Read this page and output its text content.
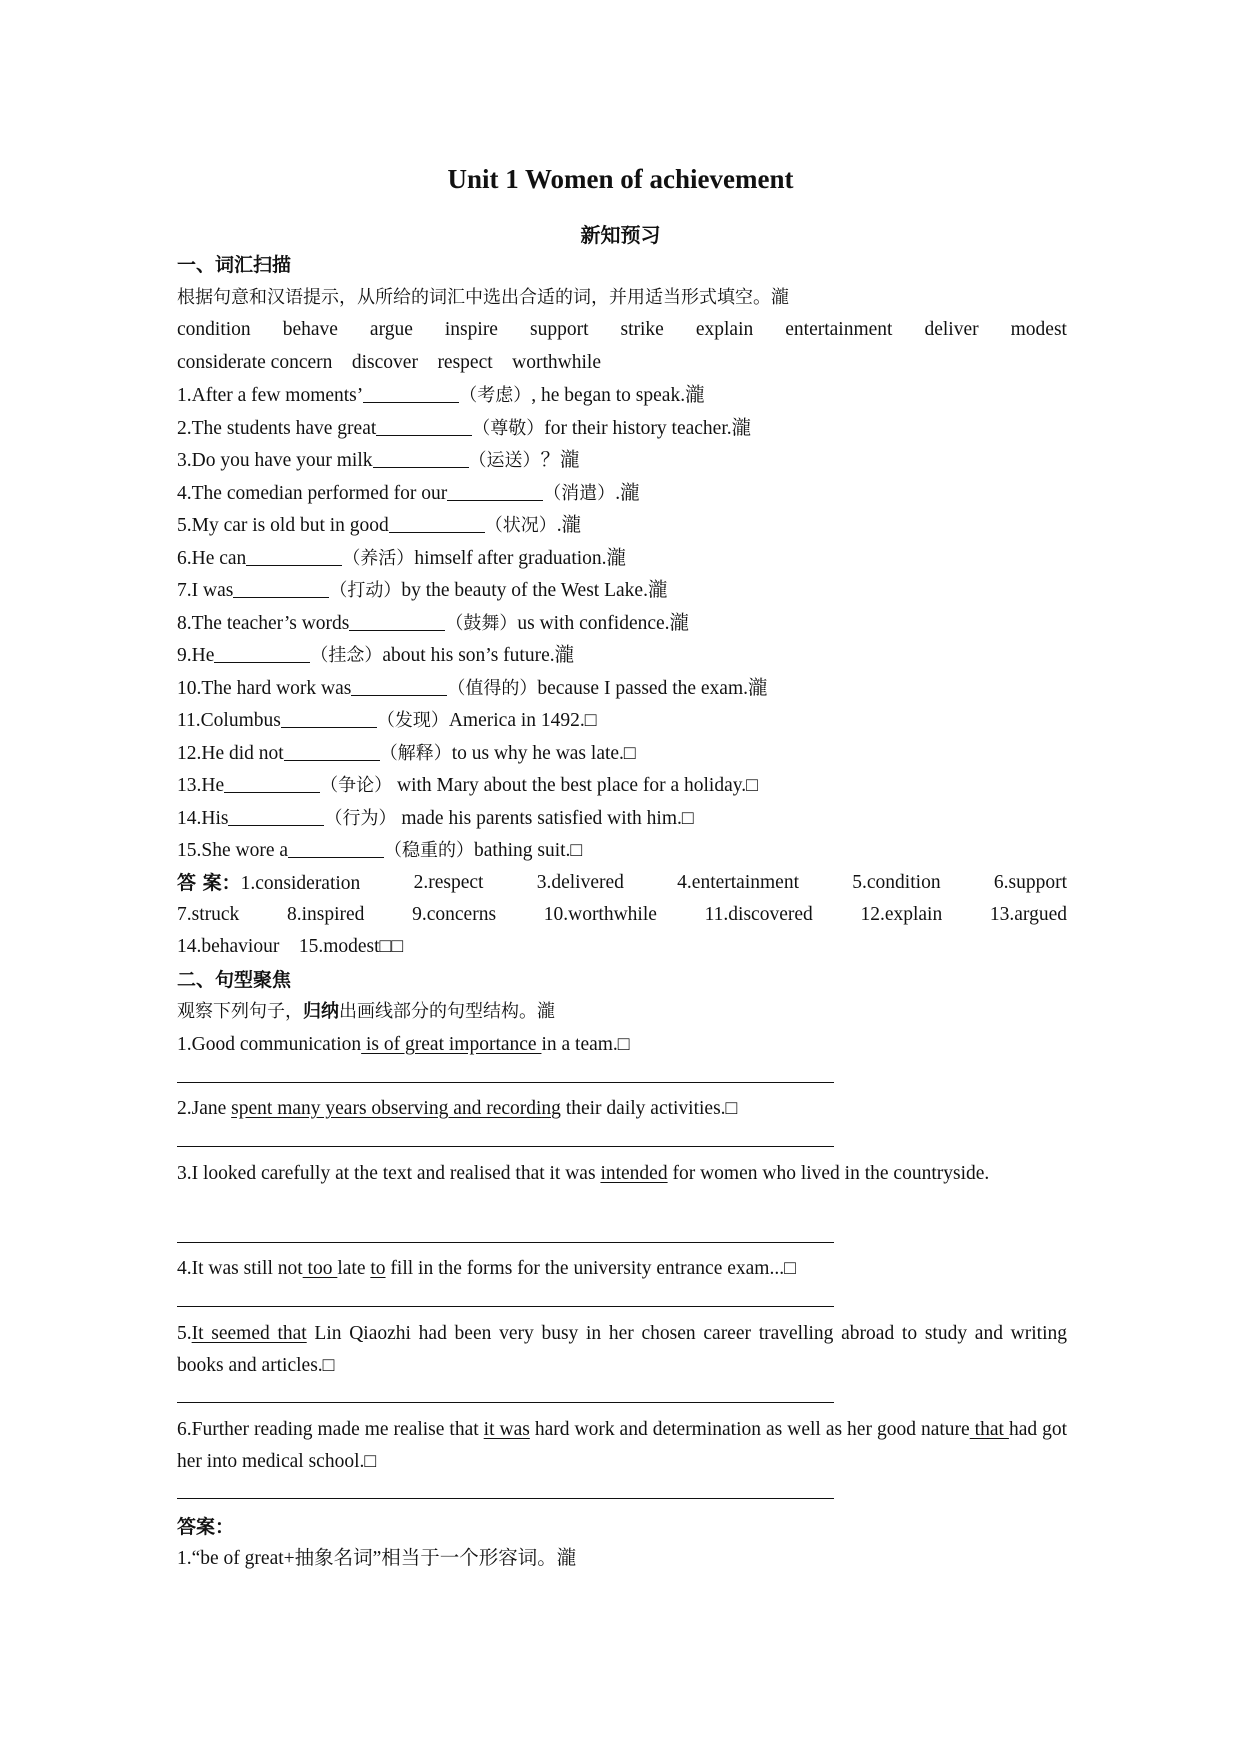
Unit 1 Women of achievement
新知预习
一、词汇扫描
根据句意和汉语提示，从所给的词汇中选出合适的词，并用适当形式填空。瀧
condition behave argue inspire support strike explain entertainment deliver modest
considerate concern discover respect worthwhile
1.After a few moments’	（考虑）, he began to speak.瀧
2.The students have great	（尊敬）for their history teacher.瀧
3.Do you have your milk	（运送）？瀧
4.The comedian performed for our	（消遣）.瀧
5.My car is old but in good	（状况）.瀧
6.He can	（养活）himself after graduation.瀧
7.I was	（打动）by the beauty of the West Lake.瀧
8.The teacher’s words	（鼓舞）us with confidence.瀧
9.He	（挂念）about his son’s future.瀧
10.The hard work was	（值得的）because I passed the exam.瀧
11.Columbus	（发现）America in 1492.□
12.He did not	（解释）to us why he was late.□
13.He	（争论） with Mary about the best place for a holiday.□
14.His	（行为） made his parents satisfied with him.□
15.She wore a	（稳重的）bathing suit.□
答 案：1.consideration	2.respect	3.delivered	4.entertainment	5.condition	6.support
7.struck 8.inspired 9.concerns 10.worthwhile 11.discovered 12.explain 13.argued
14.behaviour    15.modest□□
二、句型聚焦
观察下列句子，归纳出画线部分的句型结构。瀧
1.Good communication is of great importance in a team.□
2.Jane spent many years observing and recording their daily activities.□
3.I looked carefully at the text and realised that it was intended for women who lived in the countryside.
4.It was still not too late to fill in the forms for the university entrance exam...□
5.It seemed that Lin Qiaozhi had been very busy in her chosen career travelling abroad to study and writing books and articles.□
6.Further reading made me realise that it was hard work and determination as well as her good nature that had got her into medical school.□
答案：
1.“be of great+抽象名词”相当于一个形容词。瀧
